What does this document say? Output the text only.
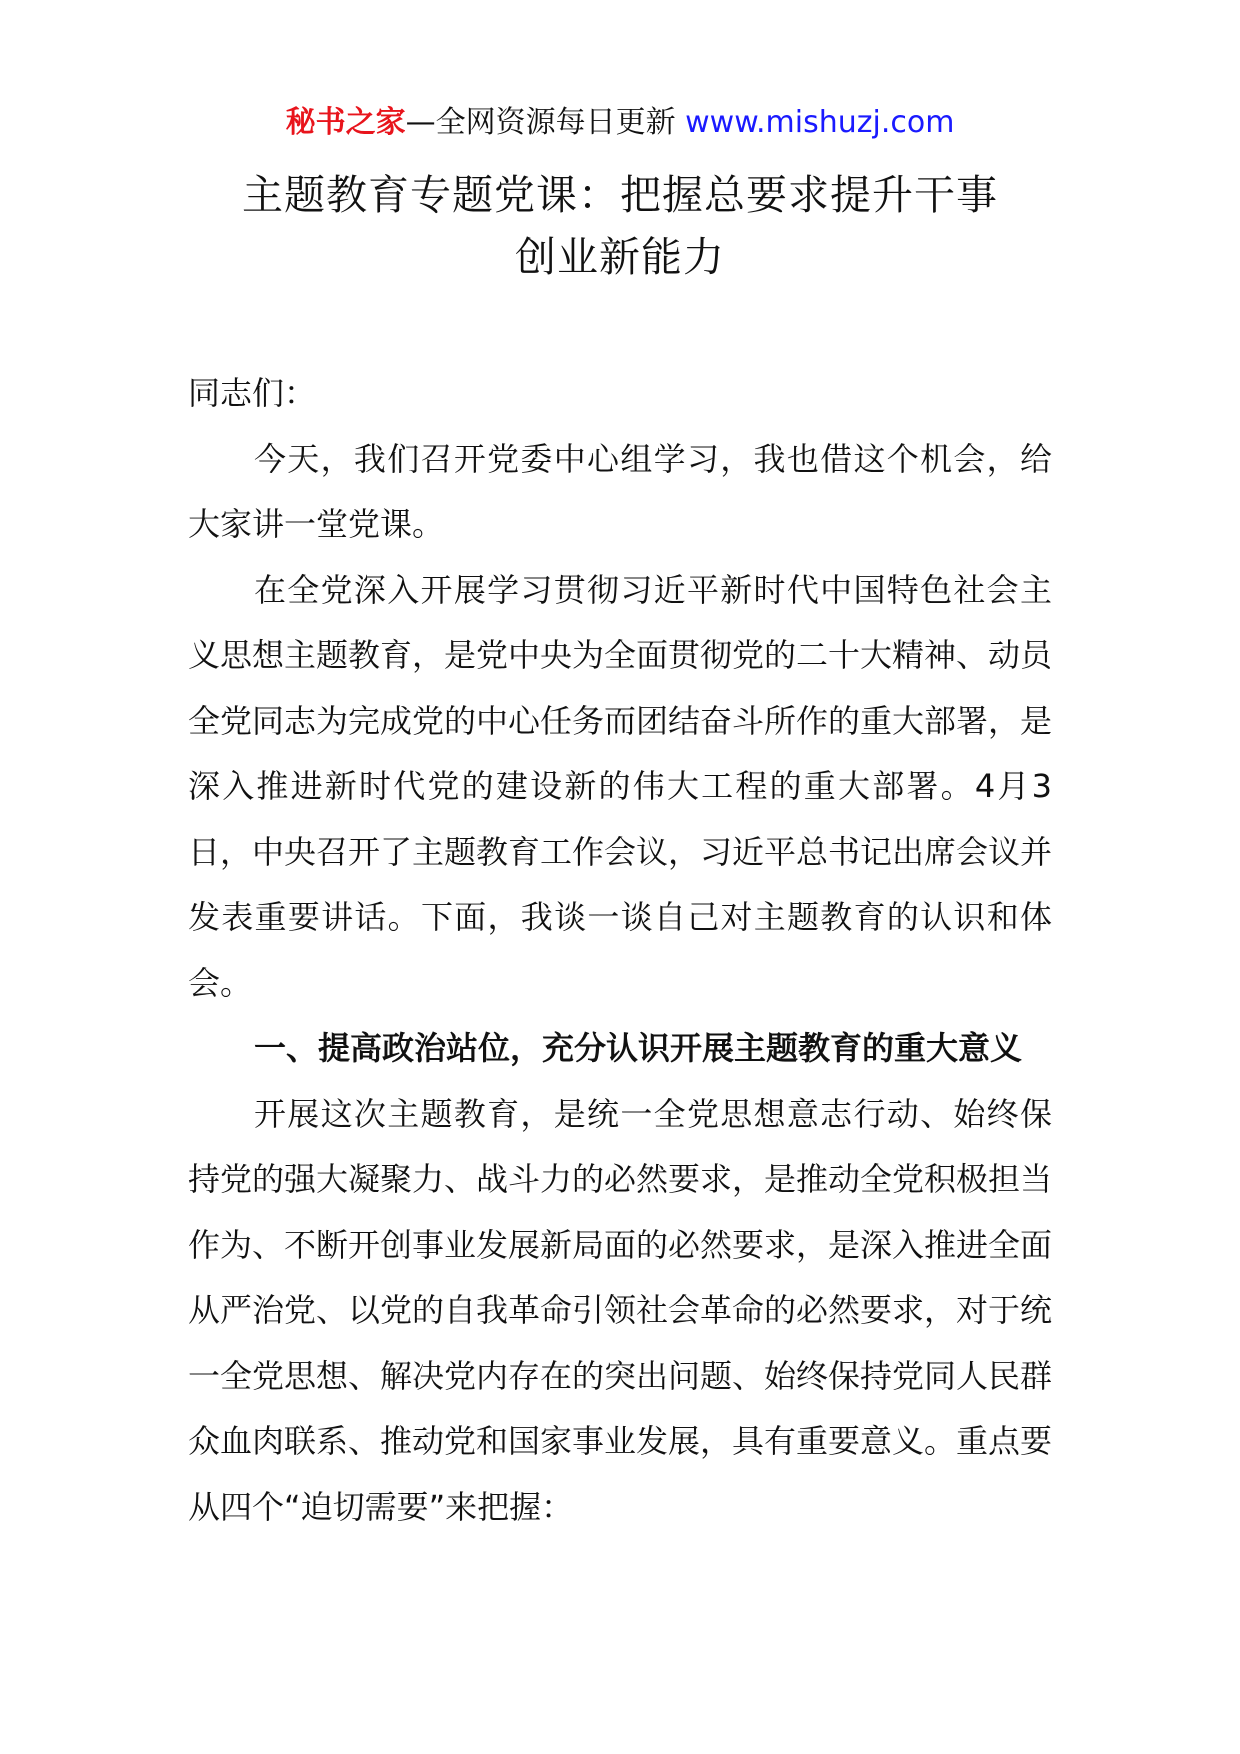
秘书之家—全网资源每日更新 www.mishuzj.com
主题教育专题党课：把握总要求提升干事
创业新能力

同志们：

今天，我们召开党委中心组学习，我也借这个机会，给大家讲一堂党课。

在全党深入开展学习贯彻习近平新时代中国特色社会主义思想主题教育，是党中央为全面贯彻党的二十大精神、动员全党同志为完成党的中心任务而团结奋斗所作的重大部署，是深入推进新时代党的建设新的伟大工程的重大部署。4月3日，中央召开了主题教育工作会议，习近平总书记出席会议并发表重要讲话。下面，我谈一谈自己对主题教育的认识和体会。

一、提高政治站位，充分认识开展主题教育的重大意义

开展这次主题教育，是统一全党思想意志行动、始终保持党的强大凝聚力、战斗力的必然要求，是推动全党积极担当作为、不断开创事业发展新局面的必然要求，是深入推进全面从严治党、以党的自我革命引领社会革命的必然要求，对于统一全党思想、解决党内存在的突出问题、始终保持党同人民群众血肉联系、推动党和国家事业发展，具有重要意义。重点要从四个“迫切需要”来把握：
